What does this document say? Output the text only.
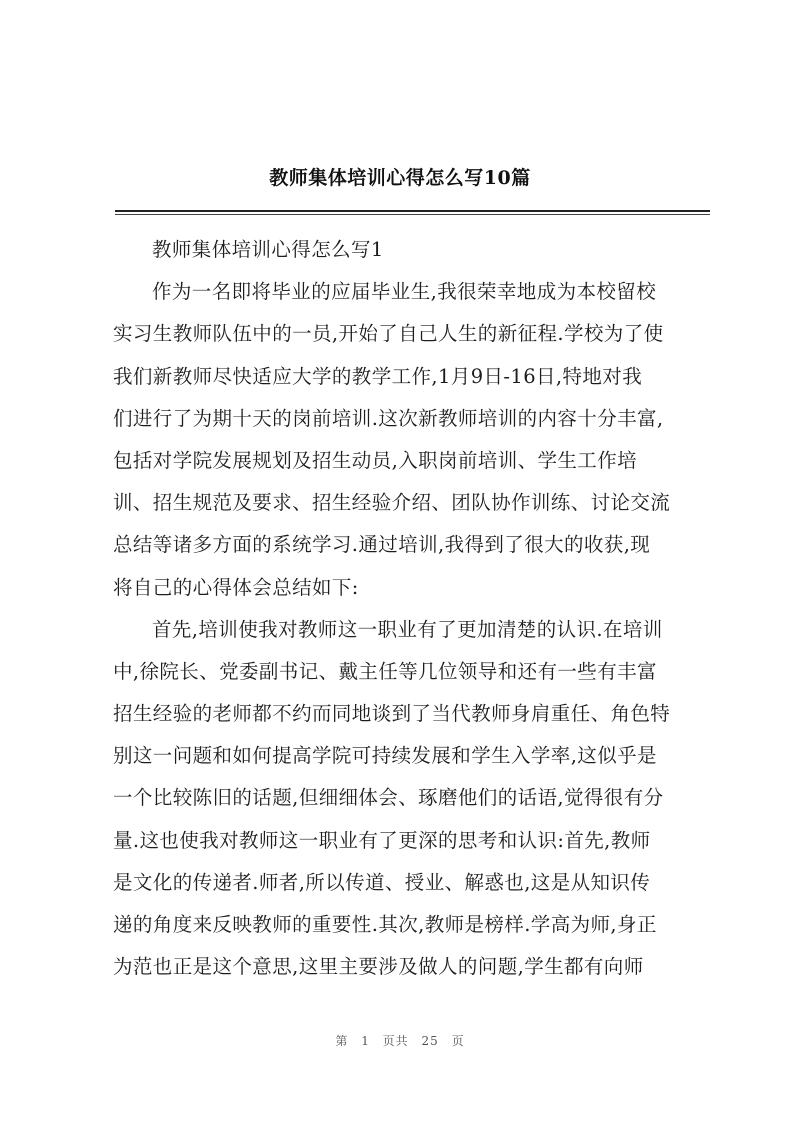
教师集体培训心得怎么写10篇
教师集体培训心得怎么写1
作为一名即将毕业的应届毕业生,我很荣幸地成为本校留校
实习生教师队伍中的一员,开始了自己人生的新征程.学校为了使
我们新教师尽快适应大学的教学工作,1月9日-16日,特地对我
们进行了为期十天的岗前培训.这次新教师培训的内容十分丰富,
包括对学院发展规划及招生动员,入职岗前培训、学生工作培
训、招生规范及要求、招生经验介绍、团队协作训练、讨论交流
总结等诸多方面的系统学习.通过培训,我得到了很大的收获,现
将自己的心得体会总结如下:
首先,培训使我对教师这一职业有了更加清楚的认识.在培训
中,徐院长、党委副书记、戴主任等几位领导和还有一些有丰富
招生经验的老师都不约而同地谈到了当代教师身肩重任、角色特
别这一问题和如何提高学院可持续发展和学生入学率,这似乎是
一个比较陈旧的话题,但细细体会、琢磨他们的话语,觉得很有分
量.这也使我对教师这一职业有了更深的思考和认识:首先,教师
是文化的传递者.师者,所以传道、授业、解惑也,这是从知识传
递的角度来反映教师的重要性.其次,教师是榜样.学高为师,身正
为范也正是这个意思,这里主要涉及做人的问题,学生都有向师
第 1 页共 25 页
